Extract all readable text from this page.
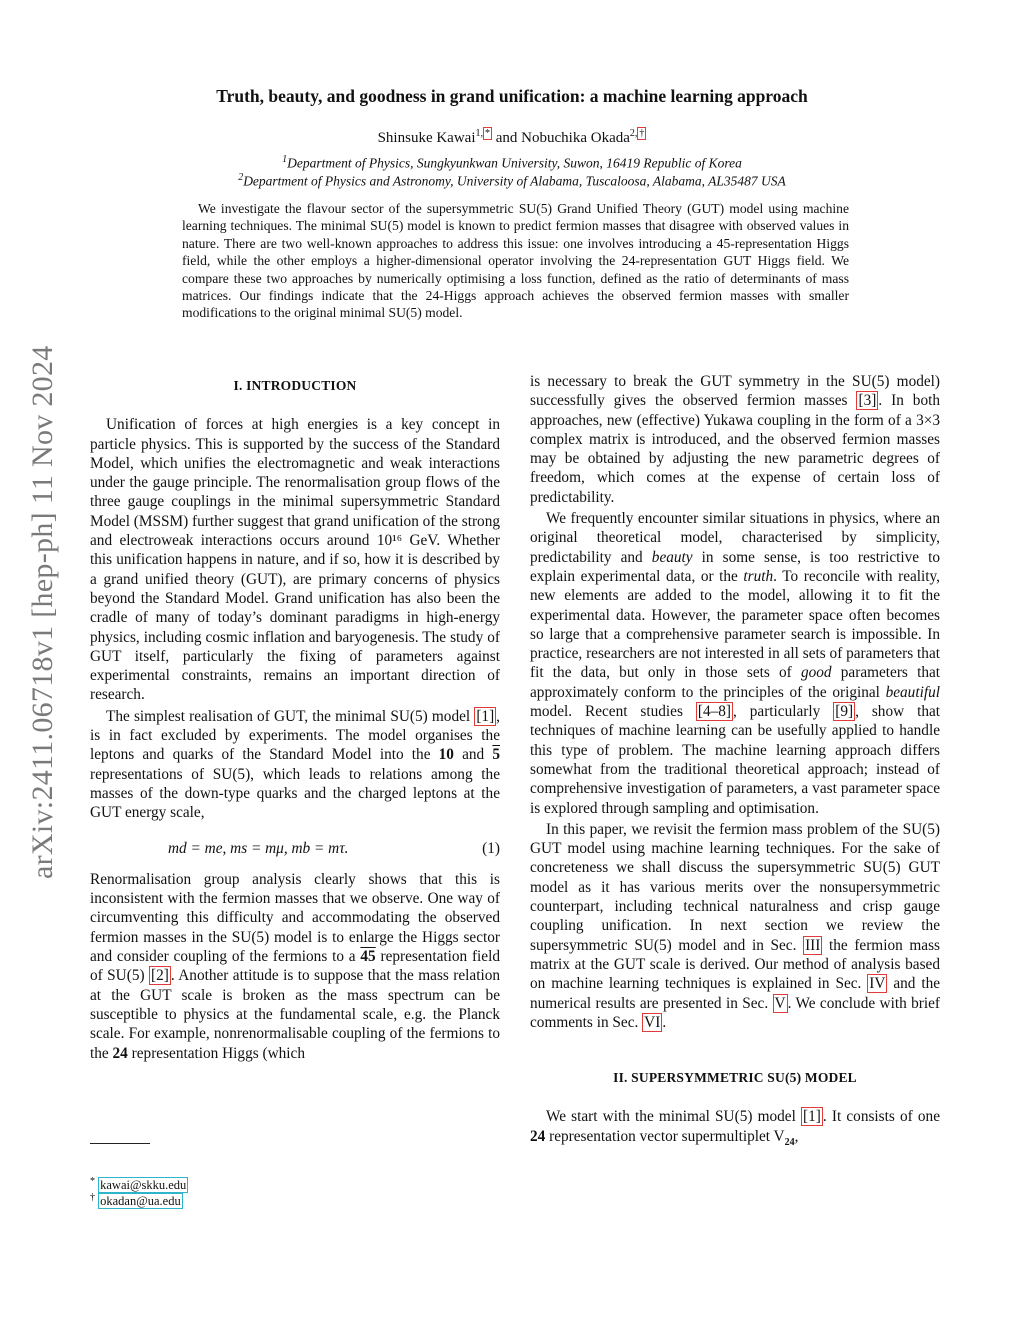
arXiv:2411.06718v1 [hep-ph] 11 Nov 2024
Truth, beauty, and goodness in grand unification: a machine learning approach
Shinsuke Kawai$^{1,}$ * and Nobuchika Okada$^{2,}$ †
$^1$Department of Physics, Sungkyunkwan University, Suwon, 16419 Republic of Korea
$^2$Department of Physics and Astronomy, University of Alabama, Tuscaloosa, Alabama, AL35487 USA
We investigate the flavour sector of the supersymmetric SU(5) Grand Unified Theory (GUT) model using machine learning techniques. The minimal SU(5) model is known to predict fermion masses that disagree with observed values in nature. There are two well-known approaches to address this issue: one involves introducing a 45-representation Higgs field, while the other employs a higher-dimensional operator involving the 24-representation GUT Higgs field. We compare these two approaches by numerically optimising a loss function, defined as the ratio of determinants of mass matrices. Our findings indicate that the 24-Higgs approach achieves the observed fermion masses with smaller modifications to the original minimal SU(5) model.
I. INTRODUCTION

Unification of forces at high energies is a key concept in particle physics. This is supported by the success of the Standard Model, which unifies the electromagnetic and weak interactions under the gauge principle. The renormalisation group flows of the three gauge couplings in the minimal supersymmetric Standard Model (MSSM) further suggest that grand unification of the strong and electroweak interactions occurs around 10¹⁶ GeV. Whether this unification happens in nature, and if so, how it is described by a grand unified theory (GUT), are primary concerns of physics beyond the Standard Model. Grand unification has also been the cradle of many of today’s dominant paradigms in high-energy physics, including cosmic inflation and baryogenesis. The study of GUT itself, particularly the fixing of parameters against experimental constraints, remains an important direction of research.

The simplest realisation of GUT, the minimal SU(5) model [1] , is in fact excluded by experiments. The model organises the leptons and quarks of the Standard Model into the 10 and 5 representations of SU(5), which leads to relations among the masses of the down-type quarks and the charged leptons at the GUT energy scale,

md = me, ms = mμ, mb = mτ.	(1)

Renormalisation group analysis clearly shows that this is inconsistent with the fermion masses that we observe. One way of circumventing this difficulty and accommodating the observed fermion masses in the SU(5) model is to enlarge the Higgs sector and consider coupling of the fermions to a 45 representation field of SU(5) [2] . Another attitude is to suppose that the mass relation at the GUT scale is broken as the mass spectrum can be susceptible to physics at the fundamental scale, e.g. the Planck scale. For example, nonrenormalisable coupling of the fermions to the 24 representation Higgs (which

is necessary to break the GUT symmetry in the SU(5) model) successfully gives the observed fermion masses [3] . In both approaches, new (effective) Yukawa coupling in the form of a 3×3 complex matrix is introduced, and the observed fermion masses may be obtained by adjusting the new parametric degrees of freedom, which comes at the expense of certain loss of predictability.

We frequently encounter similar situations in physics, where an original theoretical model, characterised by simplicity, predictability and beauty in some sense, is too restrictive to explain experimental data, or the truth. To reconcile with reality, new elements are added to the model, allowing it to fit the experimental data. However, the parameter space often becomes so large that a comprehensive parameter search is impossible. In practice, researchers are not interested in all sets of parameters that fit the data, but only in those sets of good parameters that approximately conform to the principles of the original beautiful model. Recent studies [4–8] , particularly [9] , show that techniques of machine learning can be usefully applied to handle this type of problem. The machine learning approach differs somewhat from the traditional theoretical approach; instead of comprehensive investigation of parameters, a vast parameter space is explored through sampling and optimisation.

In this paper, we revisit the fermion mass problem of the SU(5) GUT model using machine learning techniques. For the sake of concreteness we shall discuss the supersymmetric SU(5) GUT model as it has various merits over the nonsupersymmetric counterpart, including technical naturalness and crisp gauge coupling unification. In next section we review the supersymmetric SU(5) model and in Sec. III the fermion mass matrix at the GUT scale is derived. Our method of analysis based on machine learning techniques is explained in Sec. IV and the numerical results are presented in Sec. V . We conclude with brief comments in Sec. VI .

II. SUPERSYMMETRIC SU(5) MODEL

We start with the minimal SU(5) model [1] . It consists of one 24 representation vector supermultiplet $V_{24}$,

* kawai@skku.edu
† okadan@ua.edu
